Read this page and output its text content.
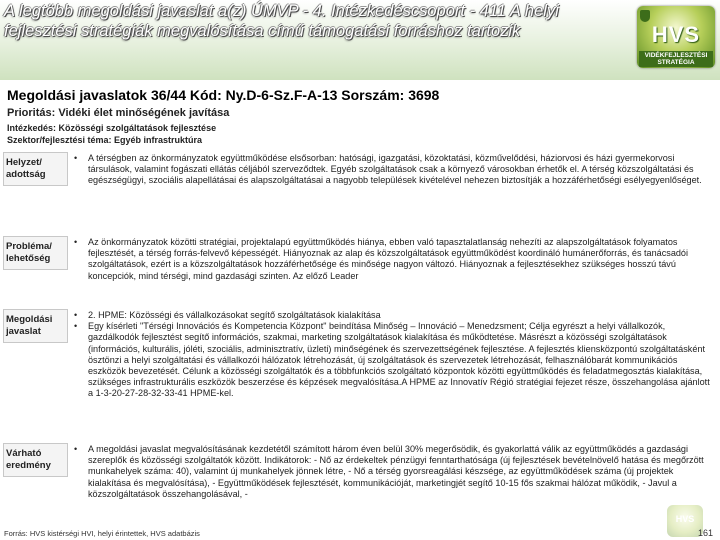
A legtöbb megoldási javaslat a(z) ÚMVP - 4. Intézkedéscsoport - 411 A helyi fejlesztési stratégiák megvalósítása című támogatási forráshoz tartozik	HVS
VIDÉKFEJLESZTÉSI STRATÉGIA
Megoldási javaslatok 36/44 Kód: Ny.D-6-Sz.F-A-13 Sorszám: 3698
Prioritás: Vidéki élet minőségének javítása
Intézkedés: Közösségi szolgáltatások fejlesztése
Szektor/fejlesztési téma: Egyéb infrastruktúra
Helyzet/ adottság
• A térségben az önkormányzatok együttműködése elsősorban: hatósági, igazgatási, közoktatási, közművelődési, háziorvosi és házi gyermekorvosi társulások, valamint fogászati ellátás céljából szerveződtek. Egyéb szolgáltatások csak a környező városokban érhetők el. A térség közszolgáltatási és egészségügyi, szociális alapellátásai és alapszolgáltatásai a nagyobb települések kivételével nehezen biztosítják a hozzáférhetőségi esélyegyenlőséget.
Probléma/ lehetőség
• Az önkormányzatok közötti stratégiai, projektalapú együttműködés hiánya, ebben való tapasztalatlanság nehezíti az alapszolgáltatások folyamatos fejlesztését, a térség forrás-felvevő képességét. Hiányoznak az alap és közszolgáltatások együttműködést koordináló humánerőforrás, és tanácsadói szolgáltatások, ezért is a közszolgáltatások hozzáférhetősége és minősége nagyon változó. Hiányoznak a fejlesztésekhez szükséges hosszú távú koncepciók, mind térségi, mind gazdasági szinten. Az előző Leader
Megoldási javaslat
• 2. HPME: Közösségi és vállalkozásokat segítő szolgáltatások kialakítása
• Egy kísérleti "Térségi Innovációs és Kompetencia Központ" beindítása Minőség – Innováció – Menedzsment; Célja egyrészt a helyi vállalkozók, gazdálkodók fejlesztést segítő információs, szakmai, marketing szolgáltatások kialakítása és működtetése. Másrészt a közösségi szolgáltatások (információs, kulturális, jóléti, szociális, adminisztratív, üzleti) minőségének és szervezettségének fejlesztése. A fejlesztés kliensközpontú szolgáltatásként ösztönzi a helyi szolgáltatási és vállalkozói hálózatok létrehozását, új szolgáltatások és szervezetek létrehozását, felhasználóbarát kommunikációs eszközök bevezetését. Célunk a közösségi szolgáltatók és a többfunkciós szolgáltató központok közötti együttműködés és feladatmegosztás kialakítása, szükséges infrastrukturális eszközök beszerzése és képzések megvalósítása.A HPME az Innovatív Régió stratégiai fejezet része, összehangolása ajánlott a 1-3-20-27-28-32-33-41 HPME-kel.
Várható eredmény
• A megoldási javaslat megvalósításának kezdetétől számított három éven belül 30% megerősödik, és gyakorlattá válik az együttműködés a gazdasági szereplők és közösségi szolgáltatók között. Indikátorok: - Nő az érdekeltek pénzügyi fenntarthatósága (új fejlesztések bevételnövelő hatása és megőrzött munkahelyek száma: 40), valamint új munkahelyek jönnek létre, - Nő a térség gyorsreagálási készsége, az együttműködések száma (új projektek kialakítása és megvalósítása), - Együttműködések fejlesztését, kommunikációját, marketingjét segítő 10-15 fős szakmai hálózat működik, - Javul a közszolgáltatások összehangolásával, -
HVS
Forrás: HVS kistérségi HVI, helyi érintettek, HVS adatbázis	161
